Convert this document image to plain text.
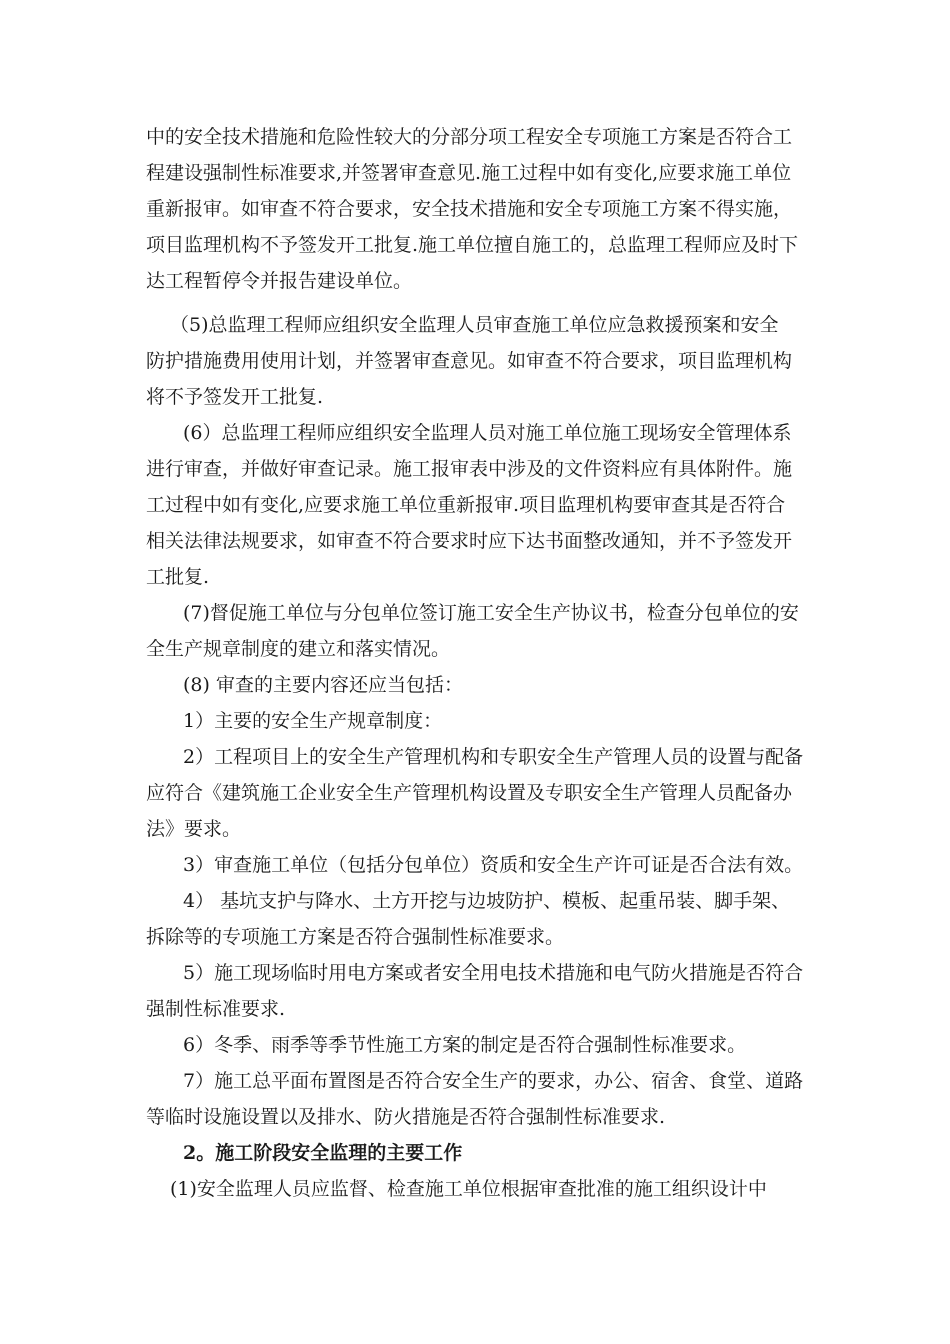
中的安全技术措施和危险性较大的分部分项工程安全专项施工方案是否符合工
程建设强制性标准要求,并签署审查意见.施工过程中如有变化,应要求施工单位
重新报审。如审查不符合要求，安全技术措施和安全专项施工方案不得实施，
项目监理机构不予签发开工批复.施工单位擅自施工的，总监理工程师应及时下
达工程暂停令并报告建设单位。
（5)总监理工程师应组织安全监理人员审查施工单位应急救援预案和安全
防护措施费用使用计划，并签署审查意见。如审查不符合要求，项目监理机构
将不予签发开工批复.
(6）总监理工程师应组织安全监理人员对施工单位施工现场安全管理体系
进行审查，并做好审查记录。施工报审表中涉及的文件资料应有具体附件。施
工过程中如有变化,应要求施工单位重新报审.项目监理机构要审查其是否符合
相关法律法规要求，如审查不符合要求时应下达书面整改通知，并不予签发开
工批复.
(7)督促施工单位与分包单位签订施工安全生产协议书，检查分包单位的安
全生产规章制度的建立和落实情况。
(8) 审查的主要内容还应当包括：
1）主要的安全生产规章制度：
2）工程项目上的安全生产管理机构和专职安全生产管理人员的设置与配备
应符合《建筑施工企业安全生产管理机构设置及专职安全生产管理人员配备办
法》要求。
3）审查施工单位（包括分包单位）资质和安全生产许可证是否合法有效。
4） 基坑支护与降水、土方开挖与边坡防护、模板、起重吊装、脚手架、
拆除等的专项施工方案是否符合强制性标准要求。
5）施工现场临时用电方案或者安全用电技术措施和电气防火措施是否符合
强制性标准要求.
6）冬季、雨季等季节性施工方案的制定是否符合强制性标准要求。
7）施工总平面布置图是否符合安全生产的要求，办公、宿舍、食堂、道路
等临时设施设置以及排水、防火措施是否符合强制性标准要求.
2。施工阶段安全监理的主要工作
(1)安全监理人员应监督、检查施工单位根据审查批准的施工组织设计中
